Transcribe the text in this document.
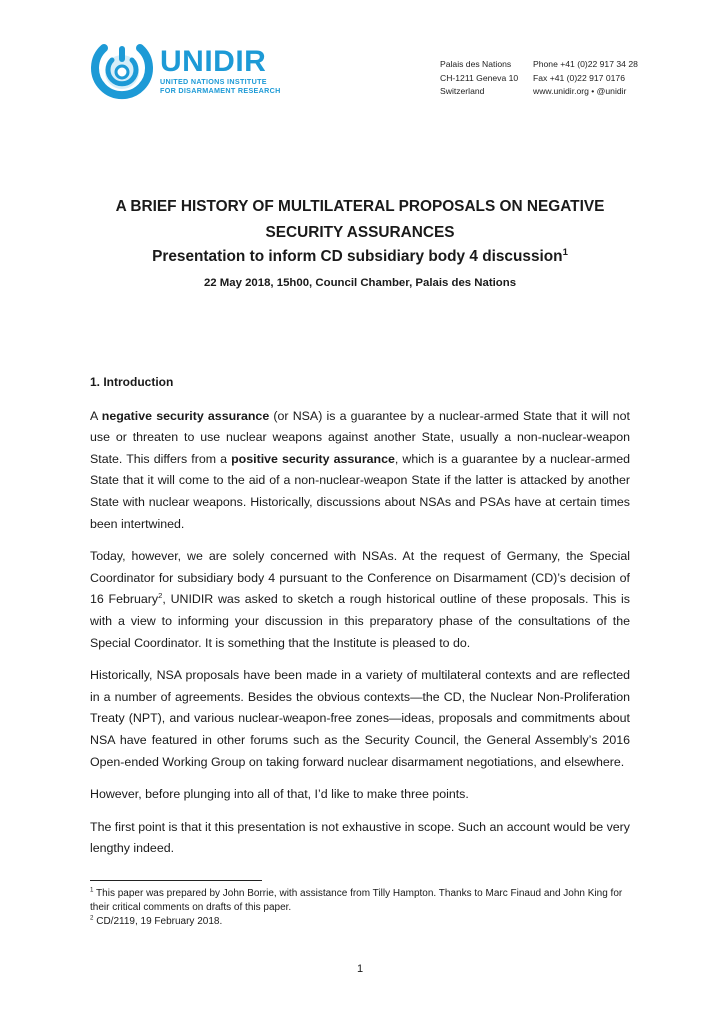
UNIDIR
UNITED NATIONS INSTITUTE
FOR DISARMAMENT RESEARCH
Palais des Nations
CH-1211 Geneva 10
Switzerland
Phone +41 (0)22 917 34 28
Fax +41 (0)22 917 0176
www.unidir.org • @unidir
A BRIEF HISTORY OF MULTILATERAL PROPOSALS ON NEGATIVE
SECURITY ASSURANCES
Presentation to inform CD subsidiary body 4 discussion$^1$
22 May 2018, 15h00, Council Chamber, Palais des Nations
1. Introduction

A negative security assurance (or NSA) is a guarantee by a nuclear-armed State that it will not use or threaten to use nuclear weapons against another State, usually a non-nuclear-weapon State. This differs from a positive security assurance, which is a guarantee by a nuclear-armed State that it will come to the aid of a non-nuclear-weapon State if the latter is attacked by another State with nuclear weapons. Historically, discussions about NSAs and PSAs have at certain times been intertwined.

Today, however, we are solely concerned with NSAs. At the request of Germany, the Special Coordinator for subsidiary body 4 pursuant to the Conference on Disarmament (CD)’s decision of 16 February$^2$, UNIDIR was asked to sketch a rough historical outline of these proposals. This is with a view to informing your discussion in this preparatory phase of the consultations of the Special Coordinator. It is something that the Institute is pleased to do.

Historically, NSA proposals have been made in a variety of multilateral contexts and are reflected in a number of agreements. Besides the obvious contexts—the CD, the Nuclear Non-Proliferation Treaty (NPT), and various nuclear-weapon-free zones—ideas, proposals and commitments about NSA have featured in other forums such as the Security Council, the General Assembly’s 2016 Open-ended Working Group on taking forward nuclear disarmament negotiations, and elsewhere.

However, before plunging into all of that, I’d like to make three points.

The first point is that it this presentation is not exhaustive in scope. Such an account would be very lengthy indeed.

$^1$ This paper was prepared by John Borrie, with assistance from Tilly Hampton. Thanks to Marc Finaud and John King for their critical comments on drafts of this paper.
$^2$ CD/2119, 19 February 2018.
1
